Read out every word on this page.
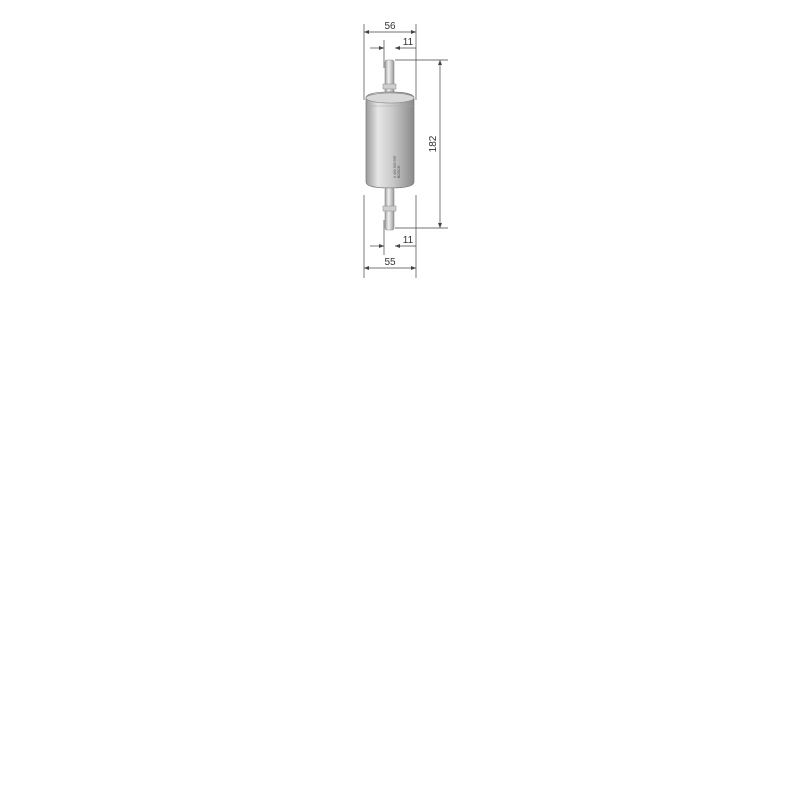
56
11
182
0 450 905 959 BOSCH
11
55
